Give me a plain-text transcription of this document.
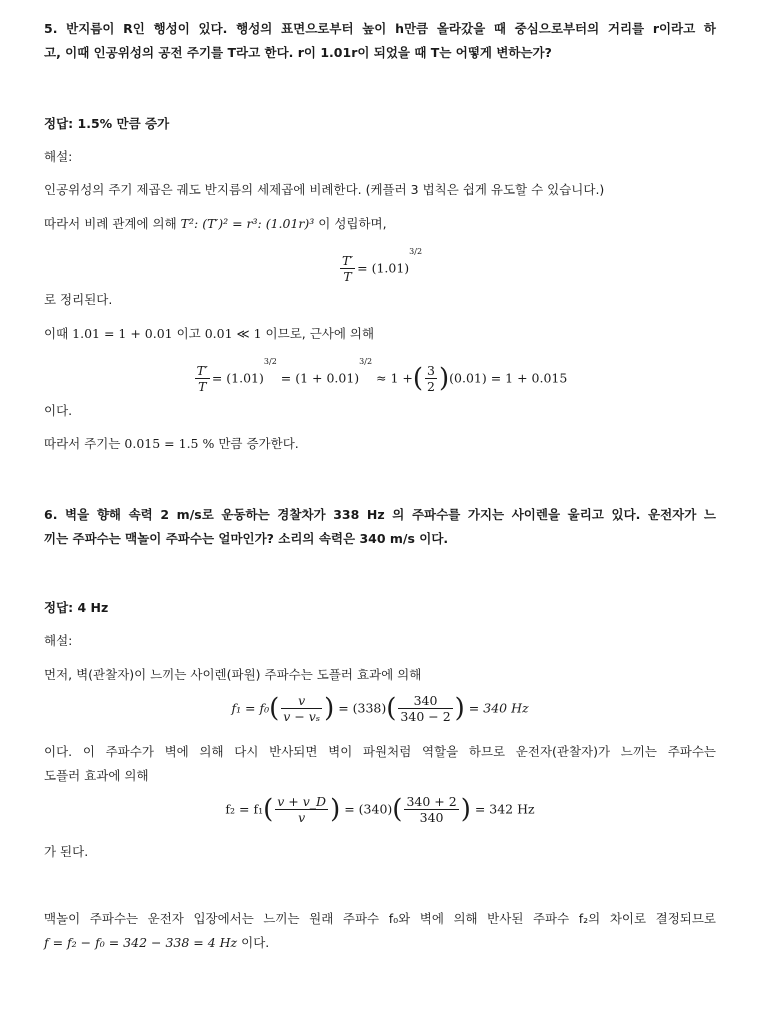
5. 반지름이 R인 행성이 있다. 행성의 표면으로부터 높이 h만큼 올라갔을 때 중심으로부터의 거리를 r이라고 하
고, 이때 인공위성의 공전 주기를 T라고 한다. r이 1.01r이 되었을 때 T는 어떻게 변하는가?
정답: 1.5% 만큼 증가
해설:
인공위성의 주기 제곱은 궤도 반지름의 세제곱에 비례한다. (케플러 3 법칙은 쉽게 유도할 수 있습니다.)
따라서 비례 관계에 의해 T²: (T′)² = r³: (1.01r)³ 이 성립하며,
$\frac{T'}{T} = (1.01)^{3/2}$
로 정리된다.
이때 1.01 = 1 + 0.01 이고 0.01 ≪ 1 이므로, 근사에 의해
$\frac{T'}{T} = (1.01)^{3/2} = (1 + 0.01)^{3/2} \approx 1$ +( $\frac{3}{2} )(0.01) = 1 + 0.015$
이다.
따라서 주기는 0.015 = 1.5 % 만큼 증가한다.
6. 벽을 향해 속력 2 m/s로 운동하는 경찰차가 338 Hz 의 주파수를 가지는 사이렌을 울리고 있다. 운전자가 느
끼는 주파수는 맥놀이 주파수는 얼마인가? 소리의 속력은 340 m/s 이다.
정답: 4 Hz
해설:
먼저, 벽(관찰자)이 느끼는 사이렌(파원) 주파수는 도플러 효과에 의해
$f_1 = f_0( \frac{v}{\text{v − vₛ}}$ ) = $(338)( \frac{340}{340 - 2}$ ) = 340 Hz
이다. 이 주파수가 벽에 의해 다시 반사되면 벽이 파원처럼 역할을 하므로 운전자(관찰자)가 느끼는 주파수는
도플러 효과에 의해
$f_2 = f_1( \frac{v + v\_D}{v}$ ) = $(340)( \frac{340 + 2}{340}$ ) = 342 Hz
가 된다.
맥놀이 주파수는 운전자 입장에서는 느끼는 원래 주파수 f₀와 벽에 의해 반사된 주파수 f₂의 차이로 결정되므로
f = f₂ − f₀ = 342 − 338 = 4 Hz 이다.
